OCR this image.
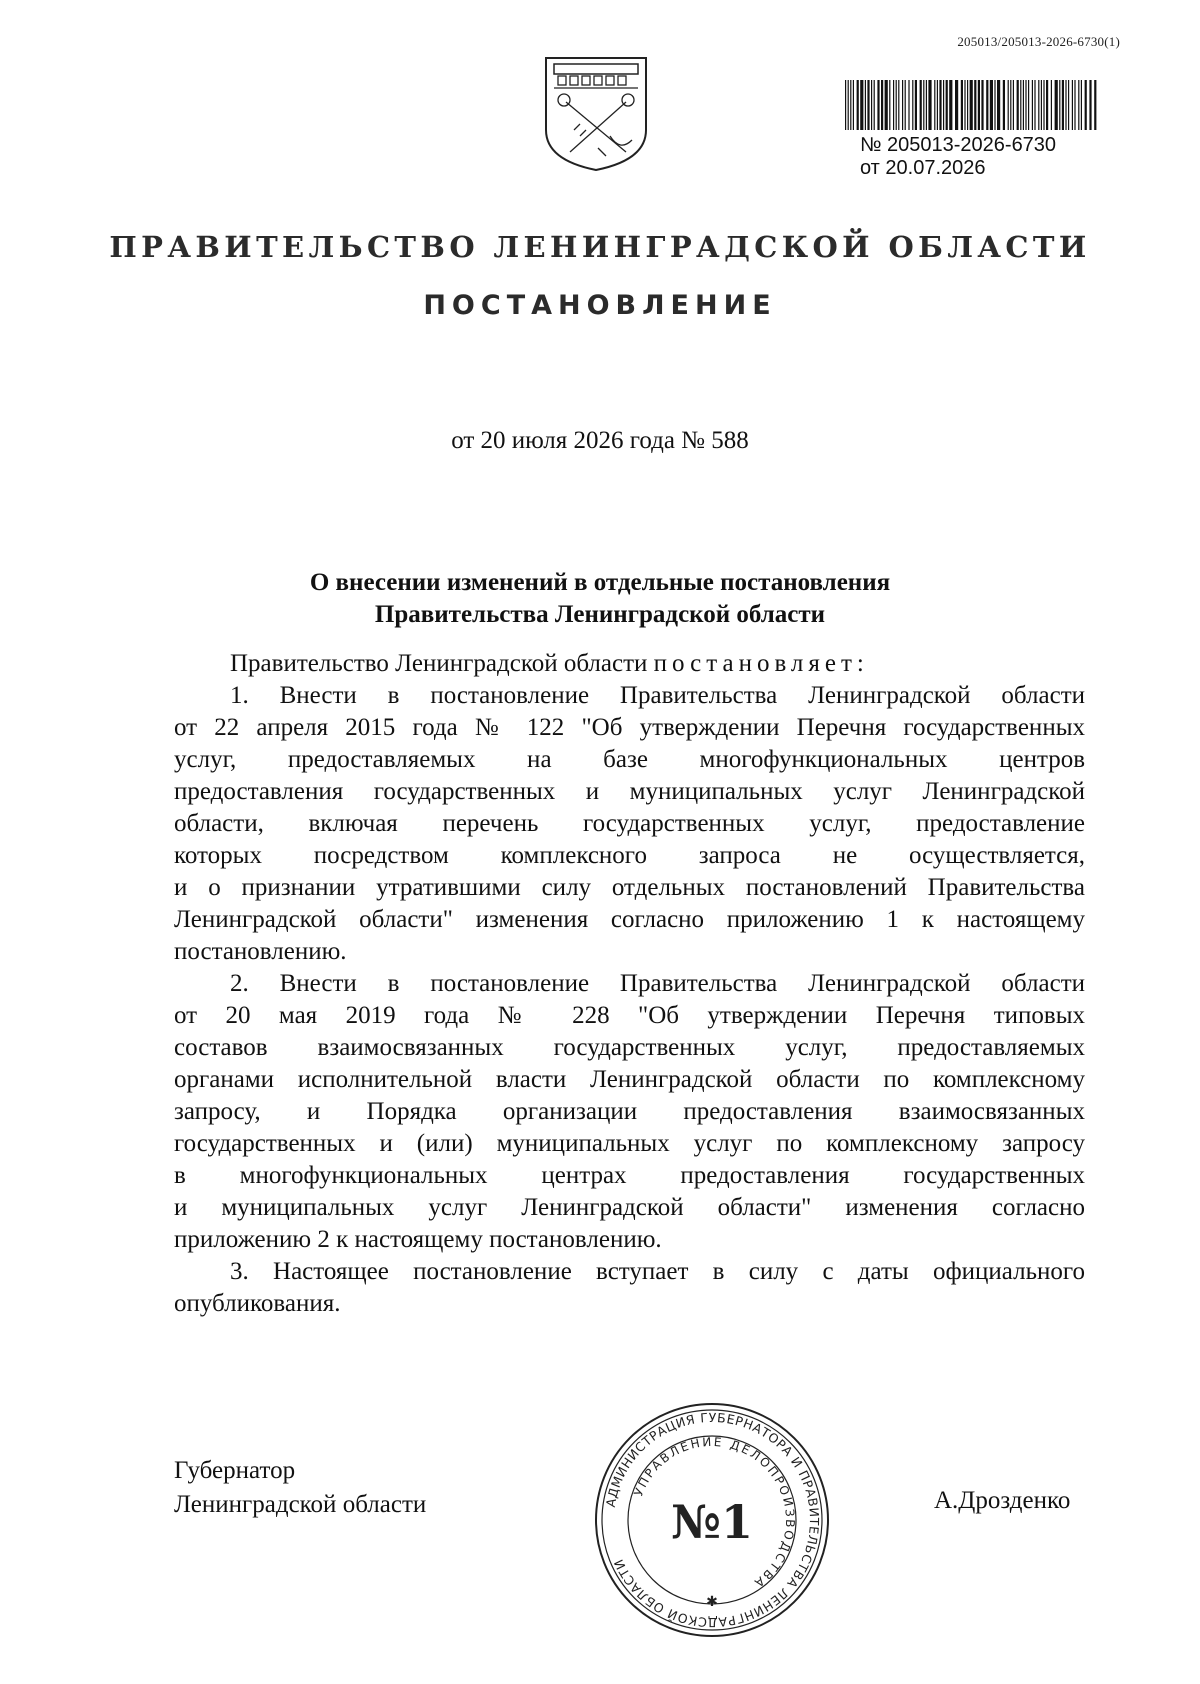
205013/205013-2026-6730(1)
№ 205013-2026-6730
от 20.07.2026
ПРАВИТЕЛЬСТВО ЛЕНИНГРАДСКОЙ ОБЛАСТИ
ПОСТАНОВЛЕНИЕ
от 20 июля 2026 года № 588
О внесении изменений в отдельные постановления
Правительства Ленинградской области
Правительство Ленинградской области постановляет:
1. Внести в постановление Правительства Ленинградской области
от 22 апреля 2015 года № 122 "Об утверждении Перечня государственных
услуг, предоставляемых на базе многофункциональных центров
предоставления государственных и муниципальных услуг Ленинградской
области, включая перечень государственных услуг, предоставление
которых посредством комплексного запроса не осуществляется,
и о признании утратившими силу отдельных постановлений Правительства
Ленинградской области" изменения согласно приложению 1 к настоящему
постановлению.
2. Внести в постановление Правительства Ленинградской области
от 20 мая 2019 года № 228 "Об утверждении Перечня типовых
составов взаимосвязанных государственных услуг, предоставляемых
органами исполнительной власти Ленинградской области по комплексному
запросу, и Порядка организации предоставления взаимосвязанных
государственных и (или) муниципальных услуг по комплексному запросу
в многофункциональных центрах предоставления государственных
и муниципальных услуг Ленинградской области" изменения согласно
приложению 2 к настоящему постановлению.
3. Настоящее постановление вступает в силу с даты официального
опубликования.
Губернатор
Ленинградской области	А.Дрозденко
АДМИНИСТРАЦИЯ ГУБЕРНАТОРА И ПРАВИТЕЛЬСТВА ЛЕНИНГРАДСКОЙ ОБЛАСТИ
УПРАВЛЕНИЕ ДЕЛОПРОИЗВОДСТВА
№1
✱
